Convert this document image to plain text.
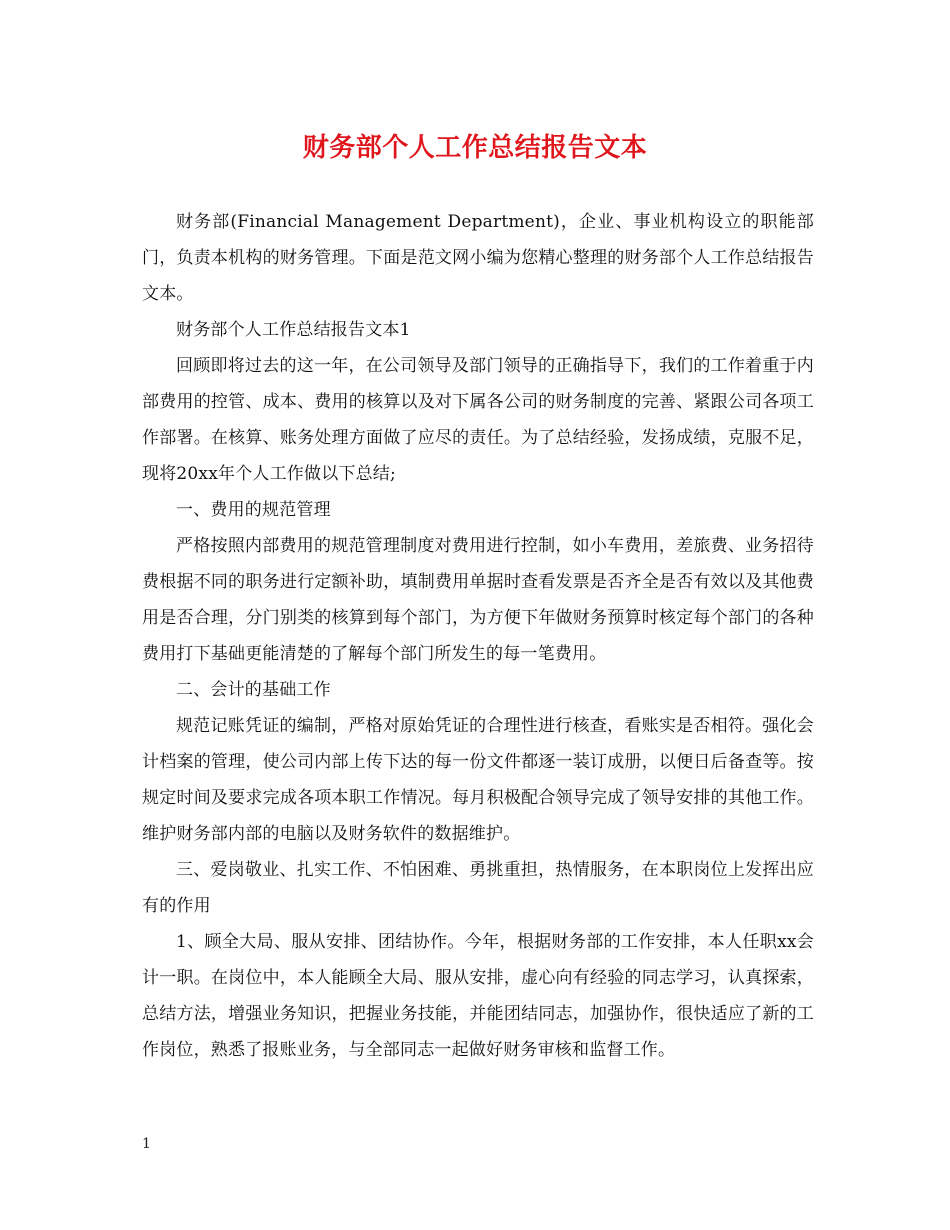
财务部个人工作总结报告文本

财务部(Financial Management Department)，企业、事业机构设立的职能部门，负责本机构的财务管理。下面是范文网小编为您精心整理的财务部个人工作总结报告文本。

财务部个人工作总结报告文本1

回顾即将过去的这一年，在公司领导及部门领导的正确指导下，我们的工作着重于内部费用的控管、成本、费用的核算以及对下属各公司的财务制度的完善、紧跟公司各项工作部署。在核算、账务处理方面做了应尽的责任。为了总结经验，发扬成绩，克服不足，现将20xx年个人工作做以下总结;

一、费用的规范管理

严格按照内部费用的规范管理制度对费用进行控制，如小车费用，差旅费、业务招待费根据不同的职务进行定额补助，填制费用单据时查看发票是否齐全是否有效以及其他费用是否合理，分门别类的核算到每个部门，为方便下年做财务预算时核定每个部门的各种费用打下基础更能清楚的了解每个部门所发生的每一笔费用。

二、会计的基础工作

规范记账凭证的编制，严格对原始凭证的合理性进行核查，看账实是否相符。强化会计档案的管理，使公司内部上传下达的每一份文件都逐一装订成册，以便日后备查等。按规定时间及要求完成各项本职工作情况。每月积极配合领导完成了领导安排的其他工作。维护财务部内部的电脑以及财务软件的数据维护。

三、爱岗敬业、扎实工作、不怕困难、勇挑重担，热情服务，在本职岗位上发挥出应有的作用

1、顾全大局、服从安排、团结协作。今年，根据财务部的工作安排，本人任职xx会计一职。在岗位中，本人能顾全大局、服从安排，虚心向有经验的同志学习，认真探索，总结方法，增强业务知识，把握业务技能，并能团结同志，加强协作，很快适应了新的工作岗位，熟悉了报账业务，与全部同志一起做好财务审核和监督工作。

1
